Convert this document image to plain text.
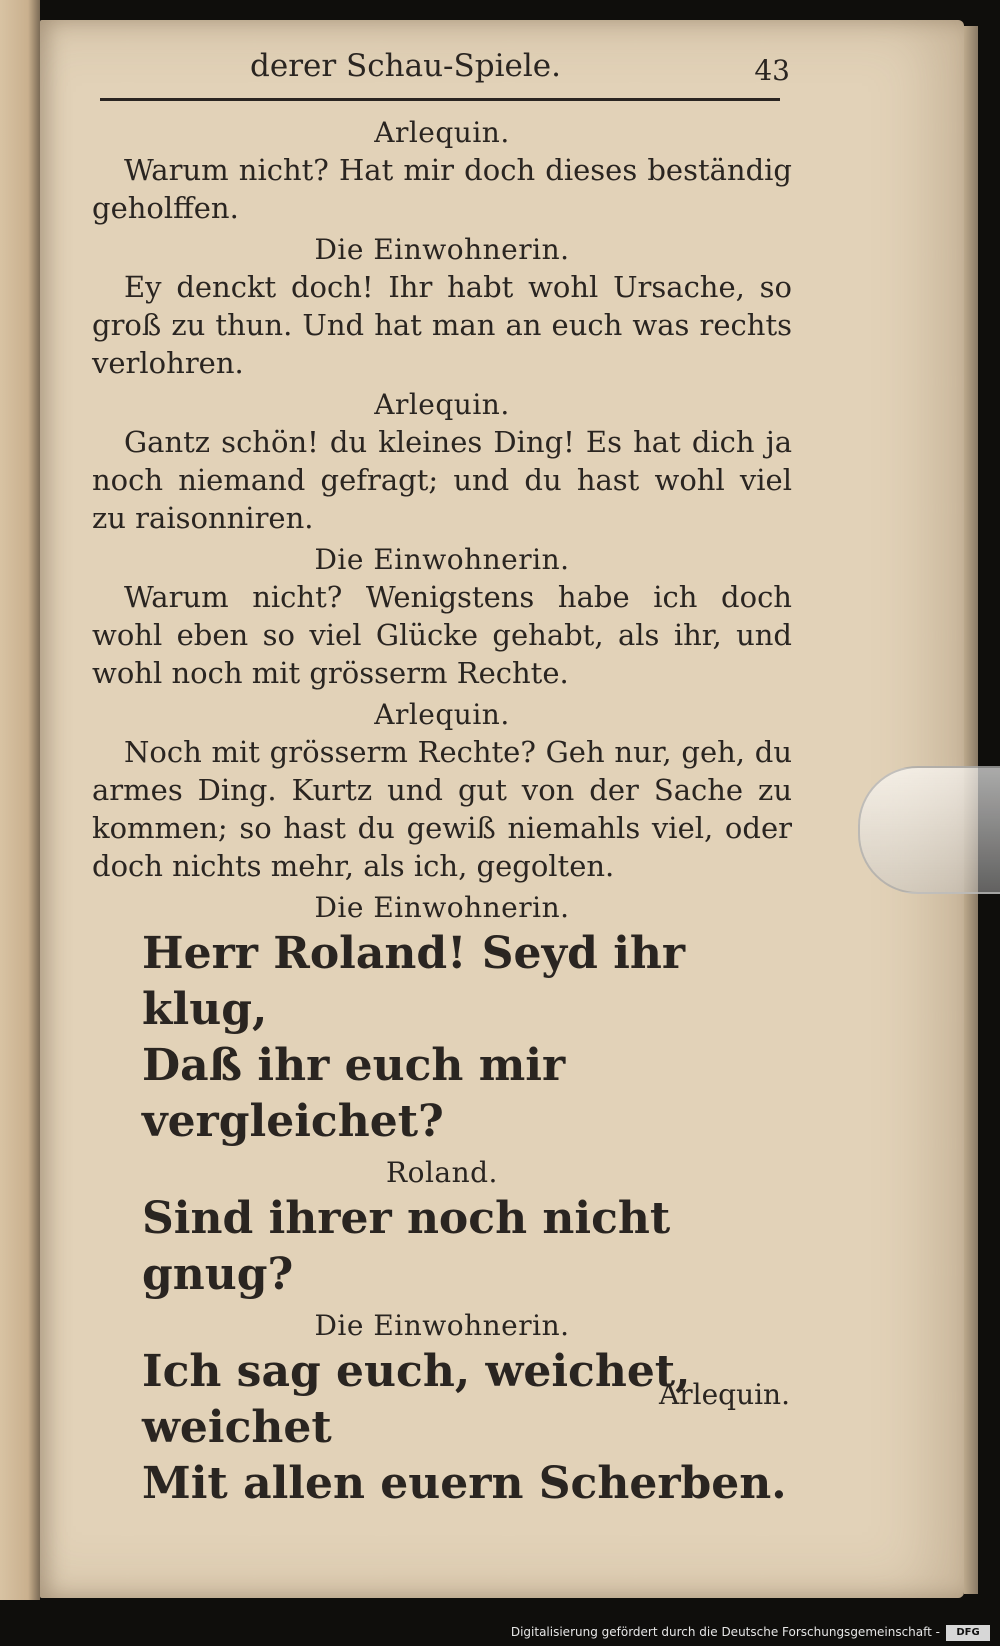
derer Schau-Spiele.	43
Arlequin.

Warum nicht? Hat mir doch dieses beständig geholffen.

Die Einwohnerin.

Ey denckt doch! Ihr habt wohl Ursache, so groß zu thun. Und hat man an euch was rechts verlohren.

Arlequin.

Gantz schön! du kleines Ding! Es hat dich ja noch niemand gefragt; und du hast wohl viel zu raisonniren.

Die Einwohnerin.

Warum nicht? Wenigstens habe ich doch wohl eben so viel Glücke gehabt, als ihr, und wohl noch mit grösserm Rechte.

Arlequin.

Noch mit grösserm Rechte? Geh nur, geh, du armes Ding. Kurtz und gut von der Sache zu kommen; so hast du gewiß niemahls viel, oder doch nichts mehr, als ich, gegolten.

Die Einwohnerin.
Herr Roland! Seyd ihr klug,
Daß ihr euch mir vergleichet?
Roland.
Sind ihrer noch nicht gnug?
Die Einwohnerin.
Ich sag euch, weichet, weichet
Mit allen euern Scherben.
Arlequin.
Digitalisierung gefördert durch die Deutsche Forschungsgemeinschaft -	DFG
